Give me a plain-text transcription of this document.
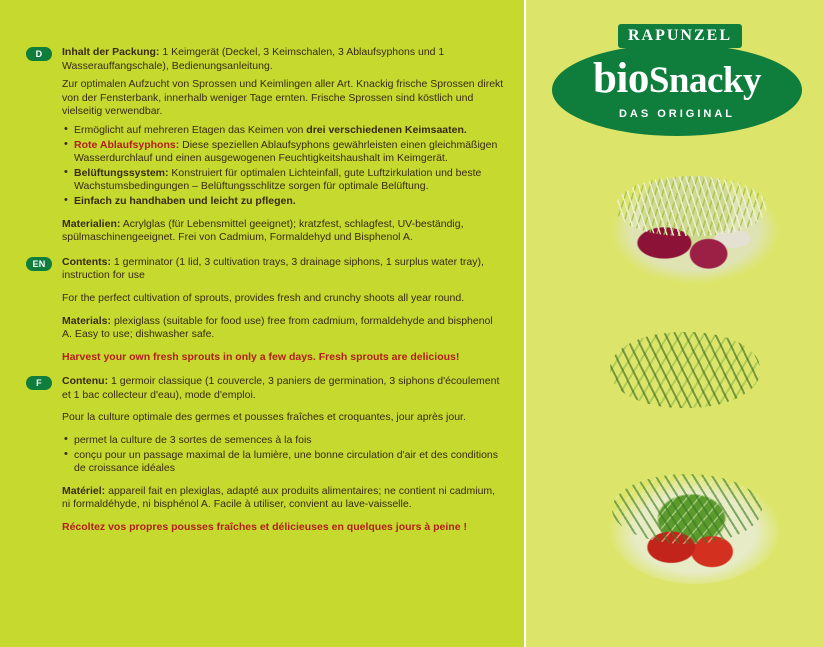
D	Inhalt der Packung: 1 Keimgerät (Deckel, 3 Keimschalen, 3 Ablaufsyphons und 1 Wasserauffangschale), Bedienungsanleitung.

Zur optimalen Aufzucht von Sprossen und Keimlingen aller Art. Knackig frische Sprossen direkt von der Fensterbank, innerhalb weniger Tage ernten. Frische Sprossen sind köstlich und vielseitig verwendbar.

• Ermöglicht auf mehreren Etagen das Keimen von drei verschiedenen Keimsaaten.
• Rote Ablaufsyphons: Diese speziellen Ablaufsyphons gewährleisten einen gleichmäßigen Wasserdurchlauf und einen ausgewogenen Feuchtigkeitshaushalt im Keimgerät.
• Belüftungssystem: Konstruiert für optimalen Lichteinfall, gute Luftzirkulation und beste Wachstumsbedingungen – Belüftungsschlitze sorgen für optimale Belüftung.
• Einfach zu handhaben und leicht zu pflegen.

Materialien: Acrylglas (für Lebensmittel geeignet); kratzfest, schlagfest, UV-beständig, spülmaschinengeeignet. Frei von Cadmium, Formaldehyd und Bisphenol A.

EN	Contents: 1 germinator (1 lid, 3 cultivation trays, 3 drainage siphons, 1 surplus water tray), instruction for use

For the perfect cultivation of sprouts, provides fresh and crunchy shoots all year round.

Materials: plexiglass (suitable for food use) free from cadmium, formaldehyde and bisphenol A. Easy to use; dishwasher safe.

Harvest your own fresh sprouts in only a few days. Fresh sprouts are delicious!

F	Contenu: 1 germoir classique (1 couvercle, 3 paniers de germination, 3 siphons d'écoulement et 1 bac collecteur d'eau), mode d'emploi.

Pour la culture optimale des germes et pousses fraîches et croquantes, jour après jour.

• permet la culture de 3 sortes de semences à la fois
• conçu pour un passage maximal de la lumière, une bonne circulation d'air et des conditions de croissance idéales

Matériel: appareil fait en plexiglas, adapté aux produits alimentaires; ne contient ni cadmium, ni formaldéhyde, ni bisphénol A. Facile à utiliser, convient au lave-vaisselle.

Récoltez vos propres pousses fraîches et délicieuses en quelques jours à peine !

RAPUNZEL
bioSnacky
DAS ORIGINAL
